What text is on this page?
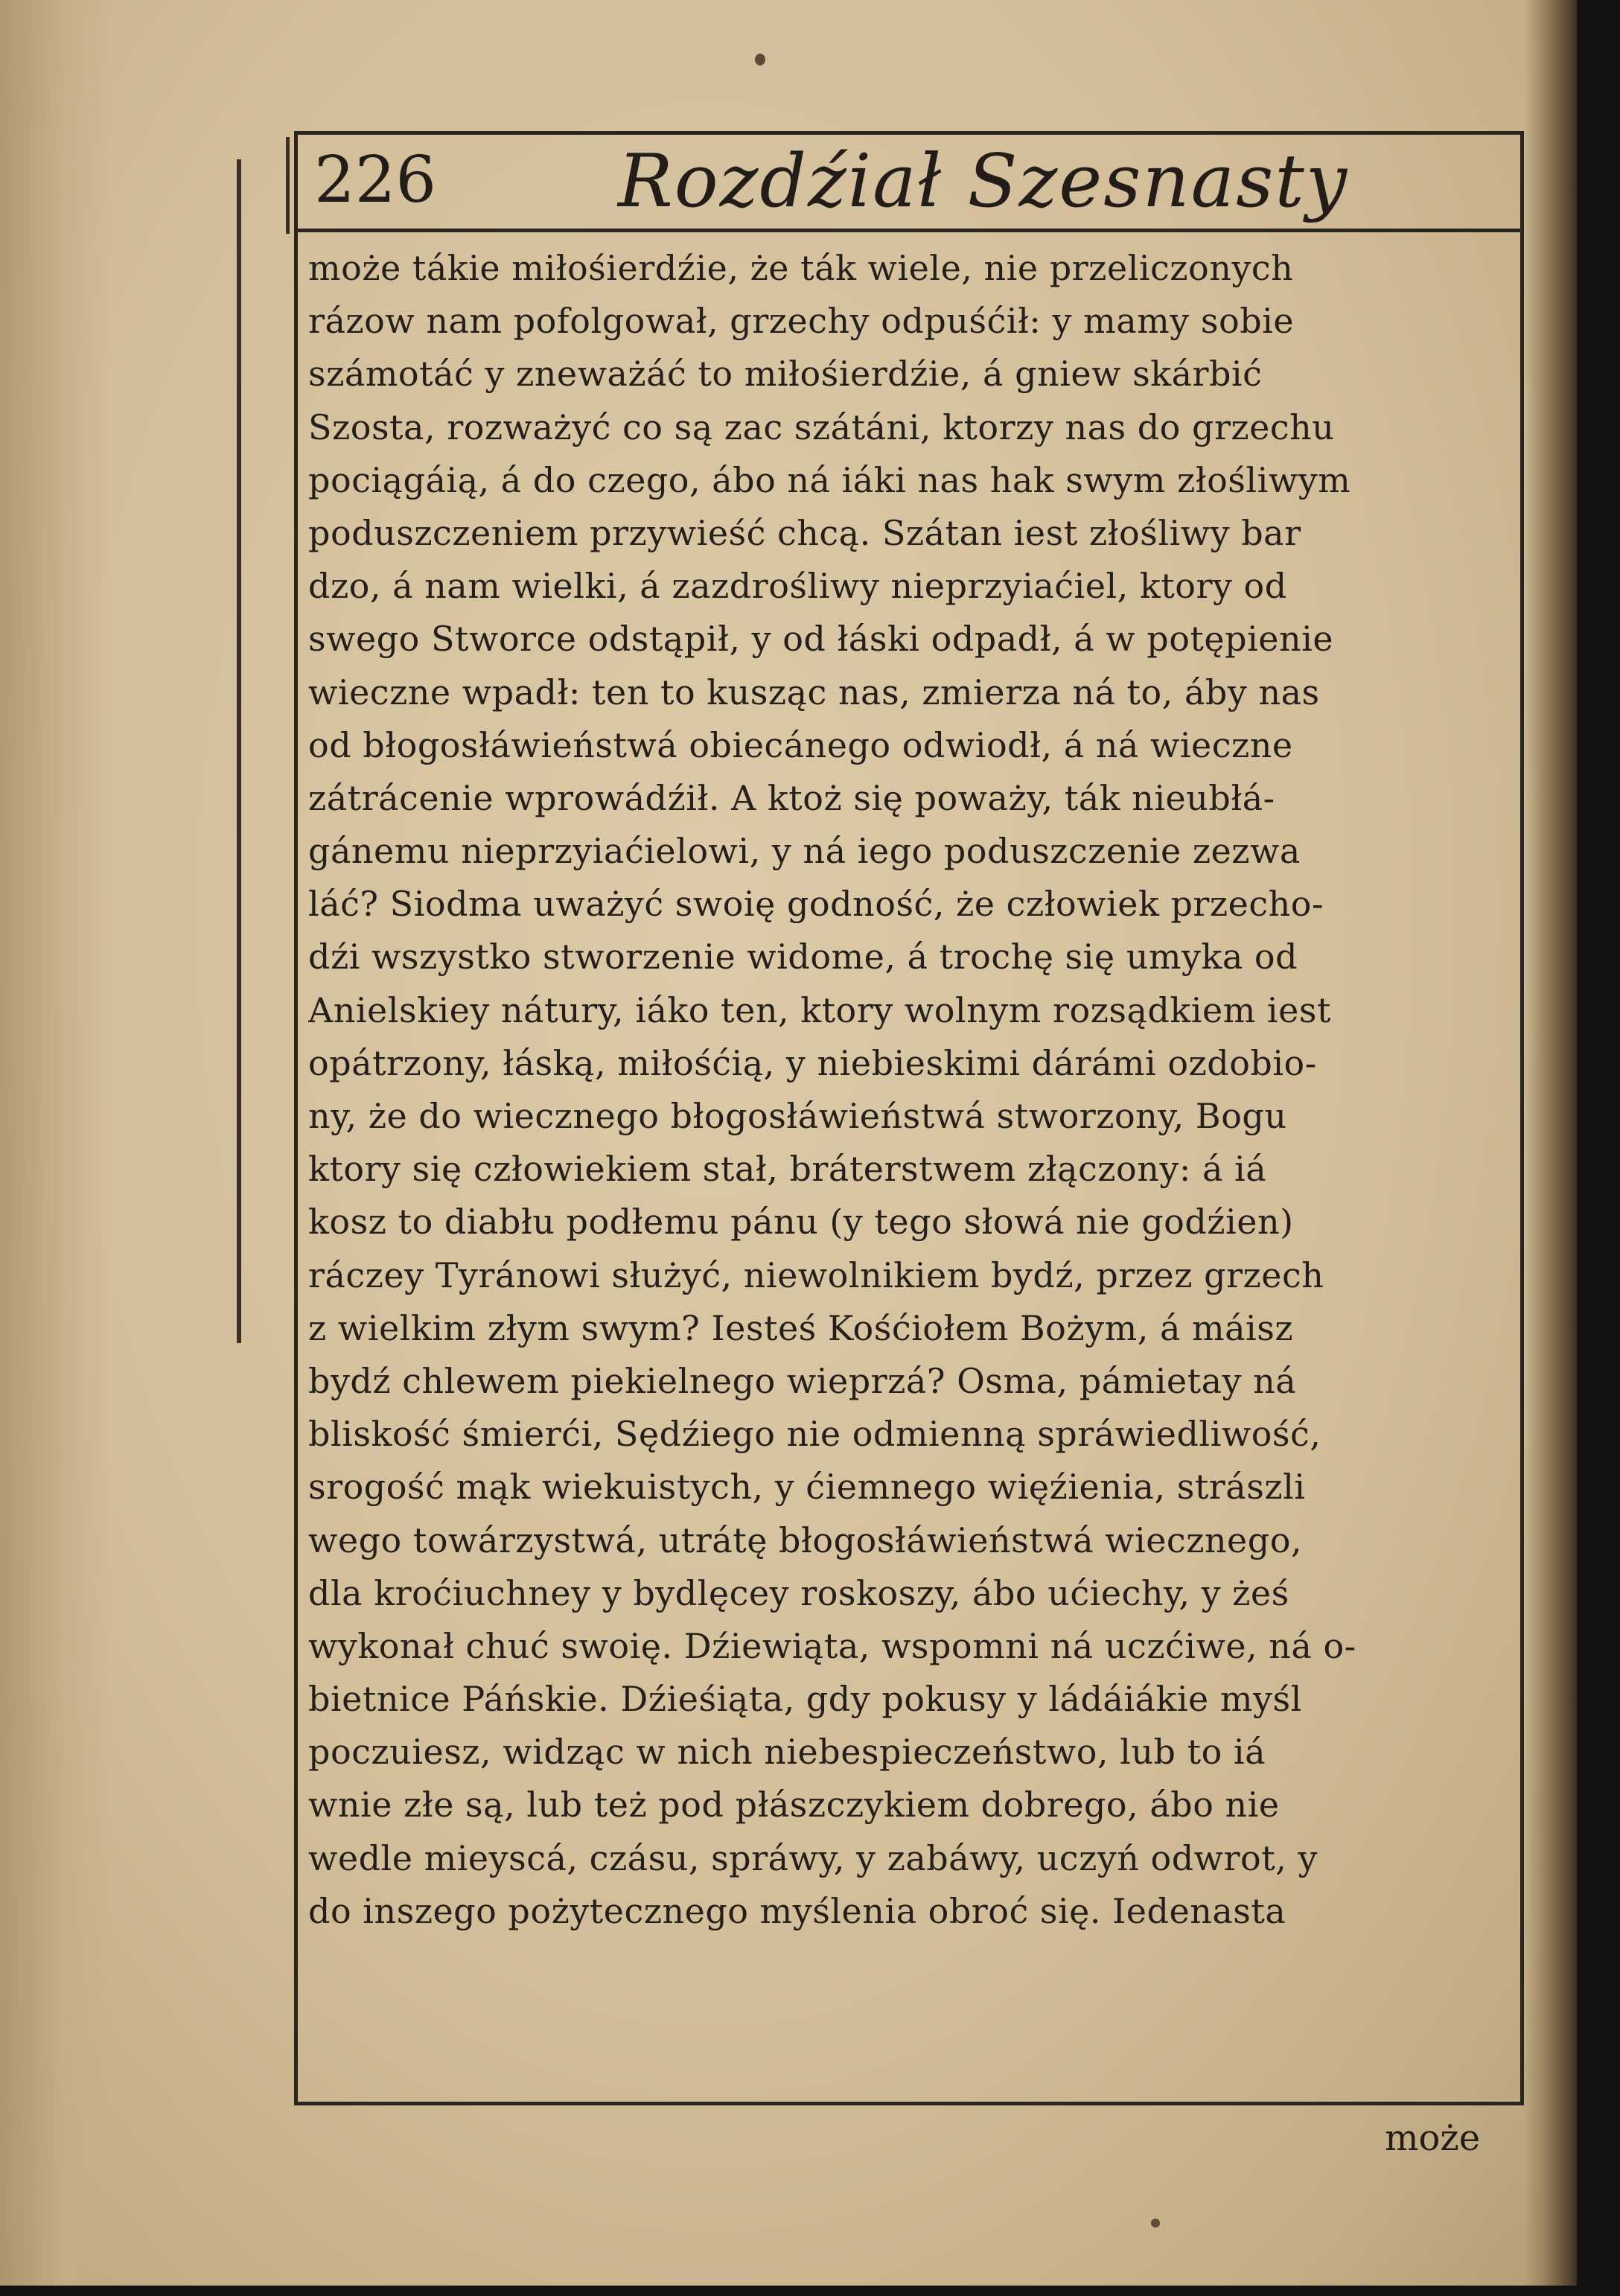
226 Rozdźiał Szesnasty
może tákie miłośierdźie, że ták wiele, nie przeliczonych
rázow nam pofolgował, grzechy odpuśćił: y mamy sobie
számotáć y zneważáć to miłośierdźie, á gniew skárbić
Szosta, rozważyć co są zac szátáni, ktorzy nas do grzechu
pociągáią, á do czego, ábo ná iáki nas hak swym złośliwym
poduszczeniem przywieść chcą. Szátan iest złośliwy bar
dzo, á nam wielki, á zazdrośliwy nieprzyiaćiel, ktory od
swego Stworce odstąpił, y od łáski odpadł, á w potępienie
wieczne wpadł: ten to kusząc nas, zmierza ná to, áby nas
od błogosłáwieństwá obiecánego odwiodł, á ná wieczne
zátrácenie wprowádźił. A ktoż się poważy, ták nieubłá-
gánemu nieprzyiaćielowi, y ná iego poduszczenie zezwa
láć? Siodma uważyć swoię godność, że człowiek przecho-
dźi wszystko stworzenie widome, á trochę się umyka od
Anielskiey nátury, iáko ten, ktory wolnym rozsądkiem iest
opátrzony, łáską, miłośćią, y niebieskimi dárámi ozdobio-
ny, że do wiecznego błogosłáwieństwá stworzony, Bogu
ktory się człowiekiem stał, bráterstwem złączony: á iá
kosz to diabłu podłemu pánu (y tego słowá nie godźien)
ráczey Tyránowi służyć, niewolnikiem bydź, przez grzech
z wielkim złym swym? Iesteś Kośćiołem Bożym, á máisz
bydź chlewem piekielnego wieprzá? Osma, pámietay ná
bliskość śmierći, Sędźiego nie odmienną spráwiedliwość,
srogość mąk wiekuistych, y ćiemnego więźienia, strászli
wego towárzystwá, utrátę błogosłáwieństwá wiecznego,
dla kroćiuchney y bydlęcey roskoszy, ábo ućiechy, y żeś
wykonał chuć swoię. Dźiewiąta, wspomni ná uczćiwe, ná o-
bietnice Páńskie. Dźieśiąta, gdy pokusy y ládáiákie myśl
poczuiesz, widząc w nich niebespieczeństwo, lub to iá
wnie złe są, lub też pod płászczykiem dobrego, ábo nie
wedle mieyscá, czásu, spráwy, y zabáwy, uczyń odwrot, y
do inszego pożytecznego myślenia obroć się. Iedenasta
może
